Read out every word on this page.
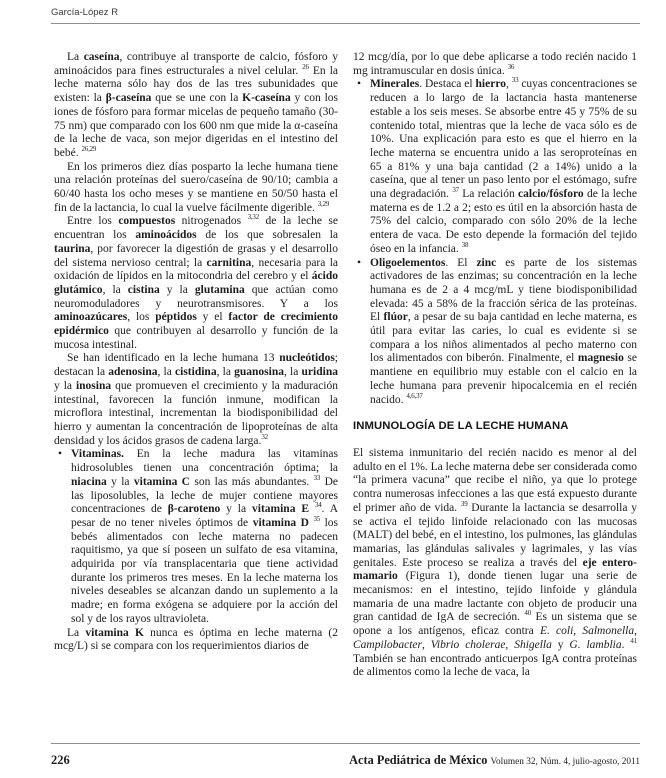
García-López R

La caseína, contribuye al transporte de calcio, fósforo y aminoácidos para fines estructurales a nivel celular. $^{26}$ En la leche materna sólo hay dos de las tres subunidades que existen: la β-caseína que se une con la K-caseína y con los iones de fósforo para formar micelas de pequeño tamaño (30-75 nm) que comparado con los 600 nm que mide la α-caseína de la leche de vaca, son mejor digeridas en el intestino del bebé. $^{26,29}$

En los primeros diez días posparto la leche humana tiene una relación proteínas del suero/caseína de 90/10; cambia a 60/40 hasta los ocho meses y se mantiene en 50/50 hasta el fin de la lactancia, lo cual la vuelve fácilmente digerible. $^{3,29}$

Entre los compuestos nitrogenados $^{3,32}$ de la leche se encuentran los aminoácidos de los que sobresalen la taurina, por favorecer la digestión de grasas y el desarrollo del sistema nervioso central; la carnitina, necesaria para la oxidación de lípidos en la mitocondria del cerebro y el ácido glutámico, la cistina y la glutamina que actúan como neuromoduladores y neurotransmisores. Y a los aminoazúcares, los péptidos y el factor de crecimiento epidérmico que contribuyen al desarrollo y función de la mucosa intestinal.

Se han identificado en la leche humana 13 nucleótidos; destacan la adenosina, la cistidina, la guanosina, la uridina y la inosina que promueven el crecimiento y la maduración intestinal, favorecen la función inmune, modifican la microflora intestinal, incrementan la biodisponibilidad del hierro y aumentan la concentración de lipoproteínas de alta densidad y los ácidos grasos de cadena larga.$^{32}$

• Vitaminas. En la leche madura las vitaminas hidrosolubles tienen una concentración óptima; la niacina y la vitamina C son las más abundantes. $^{33}$ De las liposolubles, la leche de mujer contiene mayores concentraciones de β-caroteno y la vitamina E $^{34}$. A pesar de no tener niveles óptimos de vitamina D $^{35}$ los bebés alimentados con leche materna no padecen raquitismo, ya que sí poseen un sulfato de esa vitamina, adquirida por vía transplacentaria que tiene actividad durante los primeros tres meses. En la leche materna los niveles deseables se alcanzan dando un suplemento a la madre; en forma exógena se adquiere por la acción del sol y de los rayos ultravioleta.

La vitamina K nunca es óptima en leche materna (2 mcg/L) si se compara con los requerimientos diarios de

12 mcg/día, por lo que debe aplicarse a todo recién nacido 1 mg intramuscular en dosis única. $^{36}$

• Minerales. Destaca el hierro, $^{33}$ cuyas concentraciones se reducen a lo largo de la lactancia hasta mantenerse estable a los seis meses. Se absorbe entre 45 y 75% de su contenido total, mientras que la leche de vaca sólo es de 10%. Una explicación para esto es que el hierro en la leche materna se encuentra unido a las seroproteínas en 65 a 81% y una baja cantidad (2 a 14%) unido a la caseína, que al tener un paso lento por el estómago, sufre una degradación. $^{37}$ La relación calcio/fósforo de la leche materna es de 1.2 a 2; esto es útil en la absorción hasta de 75% del calcio, comparado con sólo 20% de la leche entera de vaca. De esto depende la formación del tejido óseo en la infancia. $^{38}$

• Oligoelementos. El zinc es parte de los sistemas activadores de las enzimas; su concentración en la leche humana es de 2 a 4 mcg/mL y tiene biodisponibilidad elevada: 45 a 58% de la fracción sérica de las proteínas. El flúor, a pesar de su baja cantidad en leche materna, es útil para evitar las caries, lo cual es evidente si se compara a los niños alimentados al pecho materno con los alimentados con biberón. Finalmente, el magnesio se mantiene en equilibrio muy estable con el calcio en la leche humana para prevenir hipocalcemia en el recién nacido. $^{4,6,37}$

INMUNOLOGÍA DE LA LECHE HUMANA

El sistema inmunitario del recién nacido es menor al del adulto en el 1%. La leche materna debe ser considerada como “la primera vacuna” que recibe el niño, ya que lo protege contra numerosas infecciones a las que está expuesto durante el primer año de vida. $^{39}$ Durante la lactancia se desarrolla y se activa el tejido linfoide relacionado con las mucosas (MALT) del bebé, en el intestino, los pulmones, las glándulas mamarias, las glándulas salivales y lagrimales, y las vías genitales. Este proceso se realiza a través del eje entero-mamario (Figura 1), donde tienen lugar una serie de mecanismos: en el intestino, tejido linfoide y glándula mamaria de una madre lactante con objeto de producir una gran cantidad de IgA de secreción. $^{40}$ Es un sistema que se opone a los antígenos, eficaz contra E. coli, Salmonella, Campilobacter, Vibrio cholerae, Shigella y G. lamblia. $^{41}$ También se han encontrado anticuerpos IgA contra proteínas de alimentos como la leche de vaca, la

226	Acta Pediátrica de México Volumen 32, Núm. 4, julio-agosto, 2011
